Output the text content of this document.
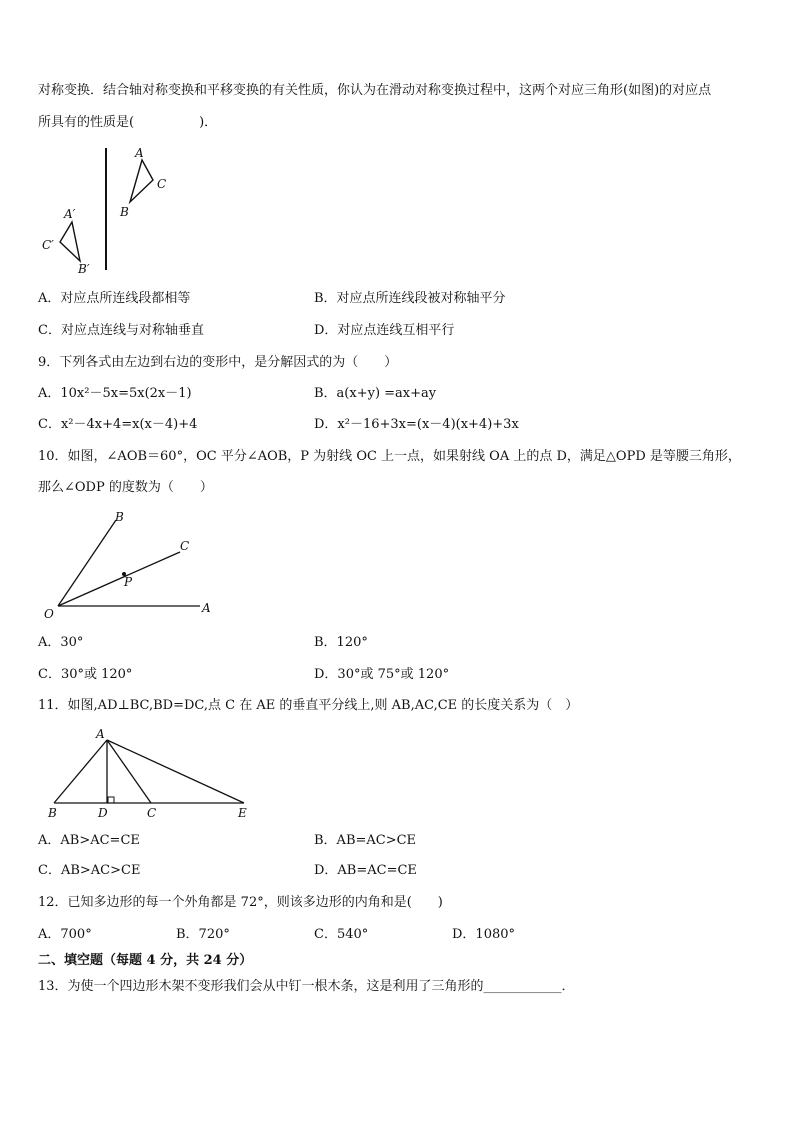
对称变换．结合轴对称变换和平移变换的有关性质，你认为在滑动对称变换过程中，这两个对应三角形(如图)的对应点
所具有的性质是(　　　　　)．
A
C
B
A′
C′
B′
A．对应点所连线段都相等	B．对应点所连线段被对称轴平分
C．对应点连线与对称轴垂直	D．对应点连线互相平行
9．下列各式由左边到右边的变形中，是分解因式的为（　　）
A．10x²－5x=5x(2x－1)	B．a(x+y) =ax+ay
C．x²－4x+4=x(x－4)+4	D．x²－16+3x=(x－4)(x+4)+3x
10．如图，∠AOB＝60°，OC 平分∠AOB，P 为射线 OC 上一点，如果射线 OA 上的点 D，满足△OPD 是等腰三角形，
那么∠ODP 的度数为（　　）
O	A
B
C
P
A．30°	B．120°
C．30°或 120°	D．30°或 75°或 120°
11．如图,AD⊥BC,BD=DC,点 C 在 AE 的垂直平分线上,则 AB,AC,CE 的长度关系为（　）
A
B	D	C	E
A．AB>AC=CE	B．AB=AC>CE
C．AB>AC>CE	D．AB=AC=CE
12．已知多边形的每一个外角都是 72°，则该多边形的内角和是(　　)
A．700°	B．720°	C．540°	D．1080°
二、填空题（每题 4 分，共 24 分）
13．为使一个四边形木架不变形我们会从中钉一根木条，这是利用了三角形的____________．
